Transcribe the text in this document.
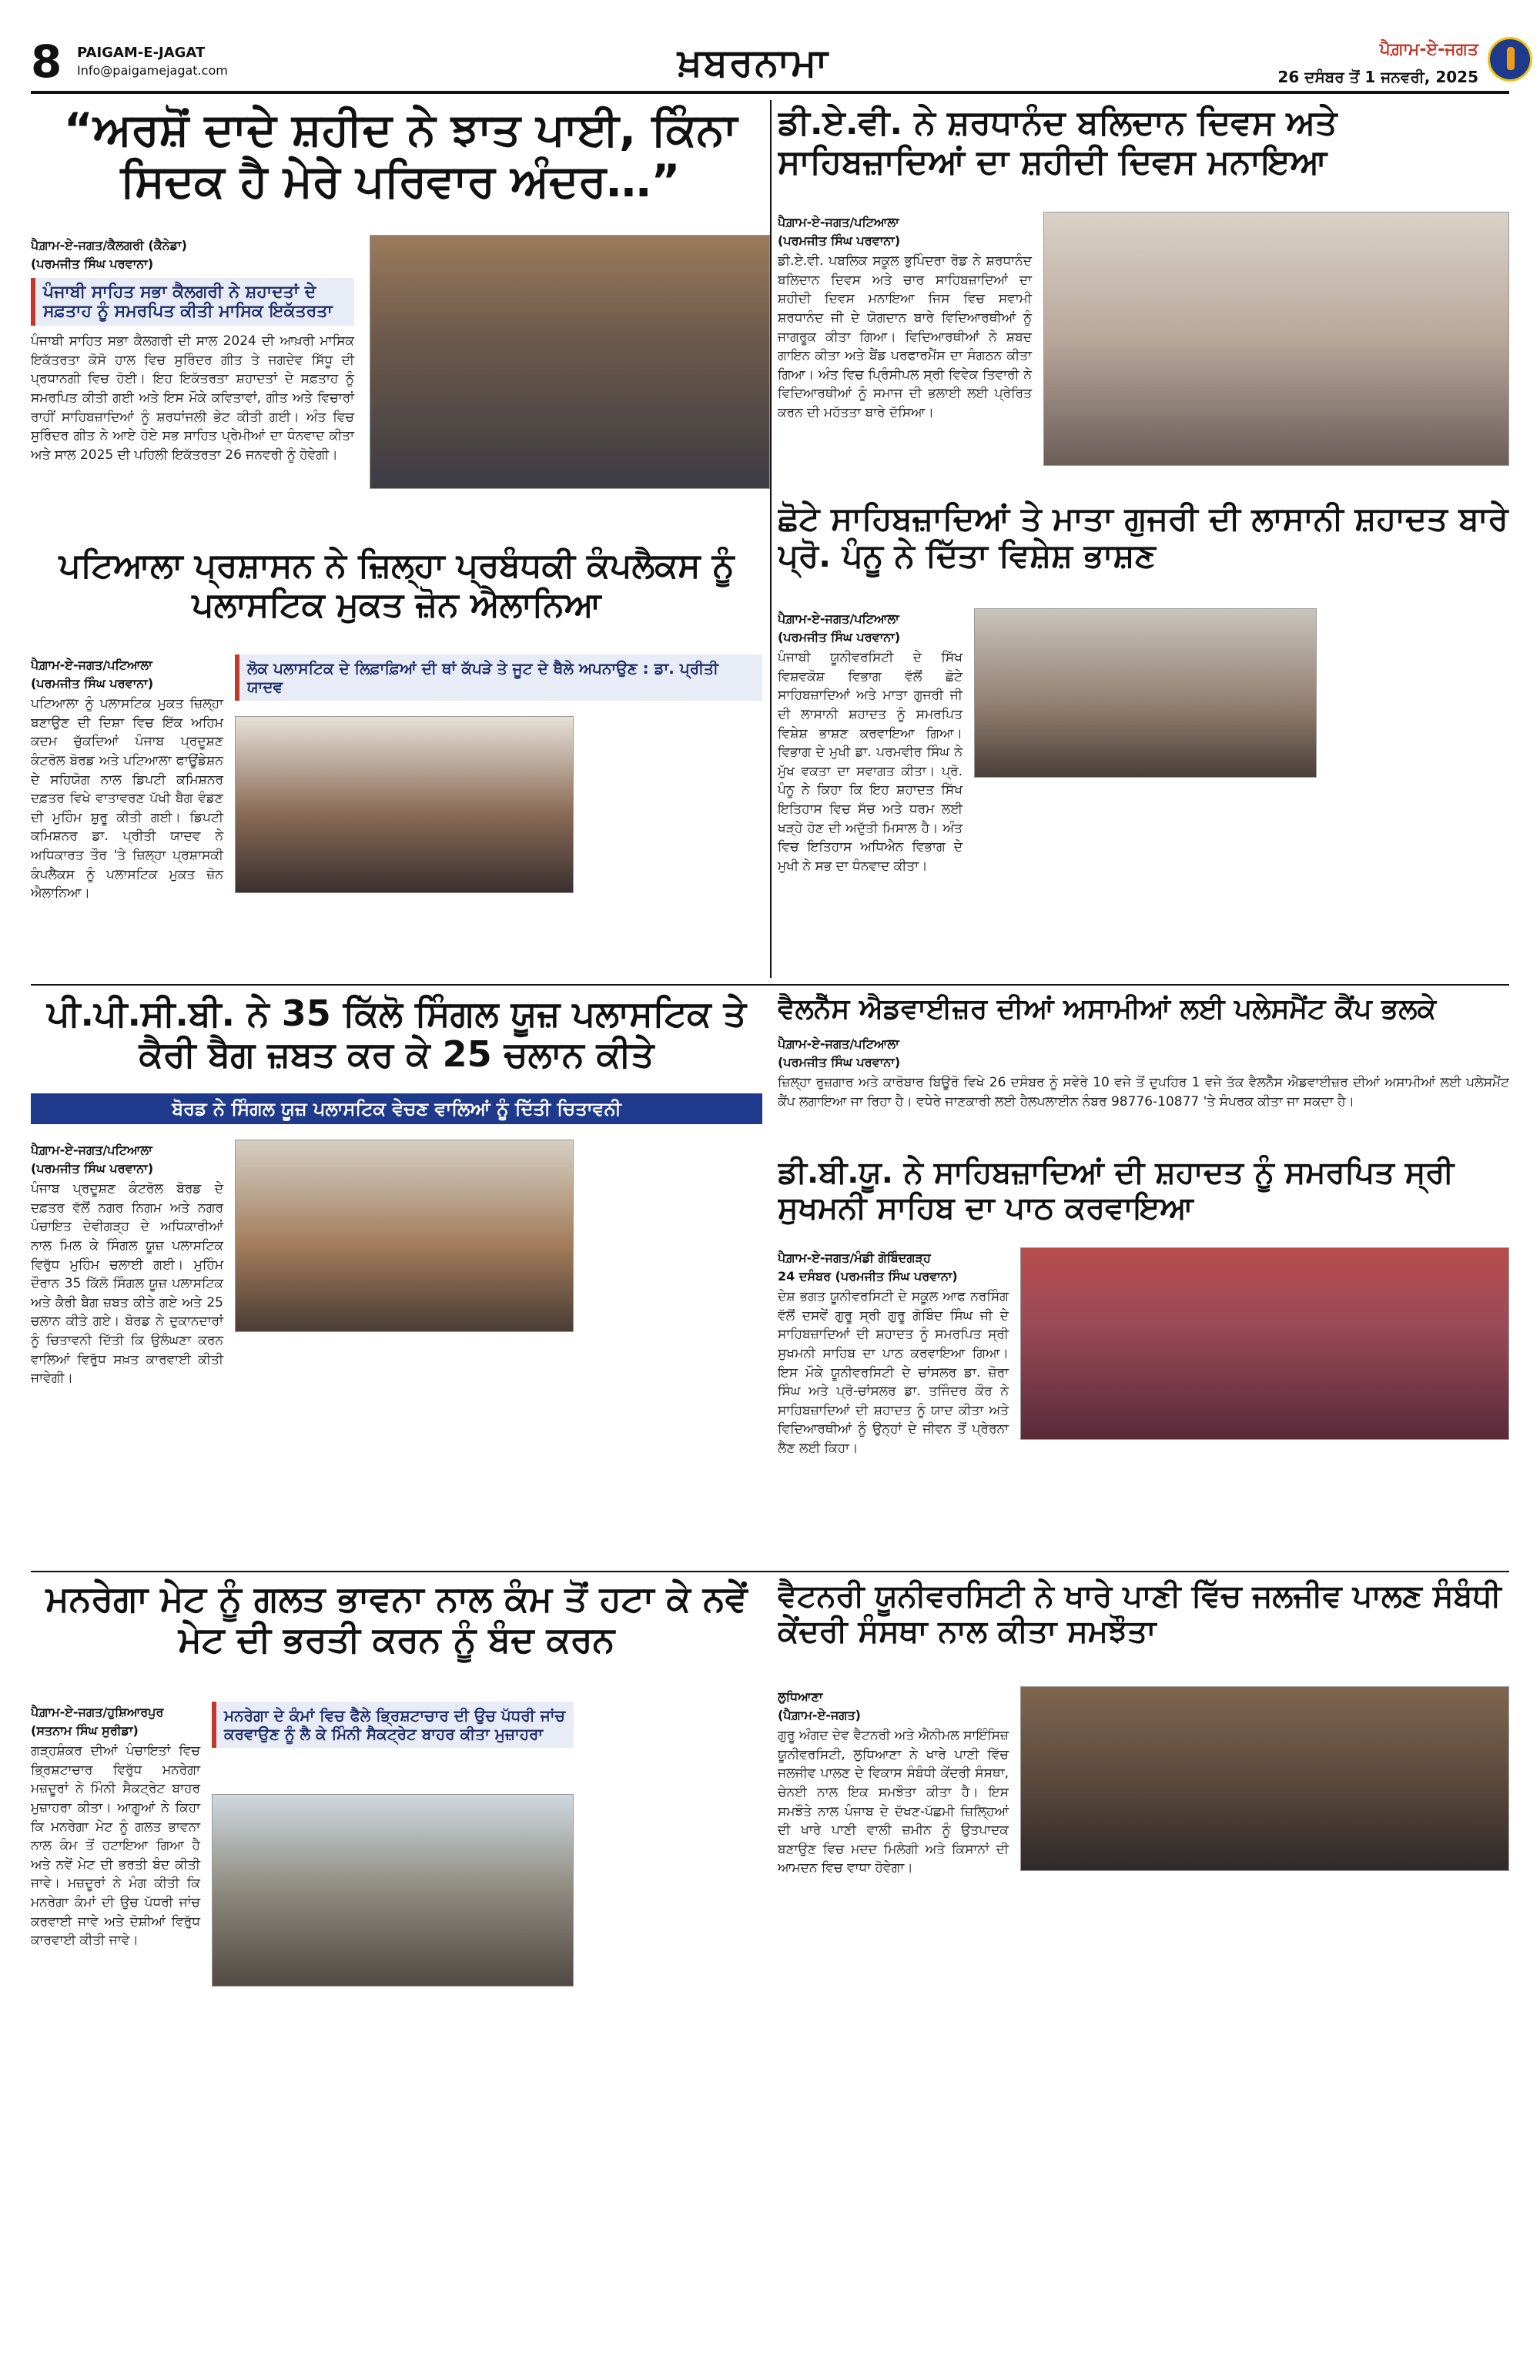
8 PAIGAM-E-JAGAT
Info@paigamejagat.com	ਖ਼ਬਰਨਾਮਾ	ਪੈਗ਼ਾਮ-ਏ-ਜਗਤ
26 ਦਸੰਬਰ ਤੋਂ 1 ਜਨਵਰੀ, 2025
“ਅਰਸ਼ੋਂ ਦਾਦੇ ਸ਼ਹੀਦ ਨੇ ਝਾਤ ਪਾਈ, ਕਿੰਨਾ ਸਿਦਕ ਹੈ ਮੇਰੇ ਪਰਿਵਾਰ ਅੰਦਰ…”
ਪੈਗ਼ਾਮ-ਏ-ਜਗਤ/ਕੈਲਗਰੀ (ਕੈਨੇਡਾ)
(ਪਰਮਜੀਤ ਸਿੰਘ ਪਰਵਾਨਾ)
ਪੰਜਾਬੀ ਸਾਹਿਤ ਸਭਾ ਕੈਲਗਰੀ ਨੇ ਸ਼ਹਾਦਤਾਂ ਦੇ ਸਫ਼ਤਾਹ ਨੂੰ ਸਮਰਪਿਤ ਕੀਤੀ ਮਾਸਿਕ ਇਕੱਤਰਤਾ
ਪੰਜਾਬੀ ਸਾਹਿਤ ਸਭਾ ਕੈਲਗਰੀ ਦੀ ਸਾਲ 2024 ਦੀ ਆਖ਼ਰੀ ਮਾਸਿਕ ਇਕੱਤਰਤਾ ਕੋਸੋ ਹਾਲ ਵਿਚ ਸੁਰਿੰਦਰ ਗੀਤ ਤੇ ਜਗਦੇਵ ਸਿੱਧੂ ਦੀ ਪ੍ਰਧਾਨਗੀ ਵਿਚ ਹੋਈ। ਇਹ ਇਕੱਤਰਤਾ ਸ਼ਹਾਦਤਾਂ ਦੇ ਸਫ਼ਤਾਹ ਨੂੰ ਸਮਰਪਿਤ ਕੀਤੀ ਗਈ ਅਤੇ ਇਸ ਮੌਕੇ ਕਵਿਤਾਵਾਂ, ਗੀਤ ਅਤੇ ਵਿਚਾਰਾਂ ਰਾਹੀਂ ਸਾਹਿਬਜ਼ਾਦਿਆਂ ਨੂੰ ਸ਼ਰਧਾਂਜਲੀ ਭੇਟ ਕੀਤੀ ਗਈ। ਅੰਤ ਵਿਚ ਸੁਰਿੰਦਰ ਗੀਤ ਨੇ ਆਏ ਹੋਏ ਸਭ ਸਾਹਿਤ ਪ੍ਰੇਮੀਆਂ ਦਾ ਧੰਨਵਾਦ ਕੀਤਾ ਅਤੇ ਸਾਲ 2025 ਦੀ ਪਹਿਲੀ ਇਕੱਤਰਤਾ 26 ਜਨਵਰੀ ਨੂੰ ਹੋਵੇਗੀ।
ਡੀ.ਏ.ਵੀ. ਨੇ ਸ਼ਰਧਾਨੰਦ ਬਲਿਦਾਨ ਦਿਵਸ ਅਤੇ ਸਾਹਿਬਜ਼ਾਦਿਆਂ ਦਾ ਸ਼ਹੀਦੀ ਦਿਵਸ ਮਨਾਇਆ
ਪੈਗ਼ਾਮ-ਏ-ਜਗਤ/ਪਟਿਆਲਾ
(ਪਰਮਜੀਤ ਸਿੰਘ ਪਰਵਾਨਾ)
ਡੀ.ਏ.ਵੀ. ਪਬਲਿਕ ਸਕੂਲ ਭੁਪਿੰਦਰਾ ਰੋਡ ਨੇ ਸ਼ਰਧਾਨੰਦ ਬਲਿਦਾਨ ਦਿਵਸ ਅਤੇ ਚਾਰ ਸਾਹਿਬਜ਼ਾਦਿਆਂ ਦਾ ਸ਼ਹੀਦੀ ਦਿਵਸ ਮਨਾਇਆ ਜਿਸ ਵਿਚ ਸਵਾਮੀ ਸ਼ਰਧਾਨੰਦ ਜੀ ਦੇ ਯੋਗਦਾਨ ਬਾਰੇ ਵਿਦਿਆਰਥੀਆਂ ਨੂੰ ਜਾਗਰੂਕ ਕੀਤਾ ਗਿਆ। ਵਿਦਿਆਰਥੀਆਂ ਨੇ ਸ਼ਬਦ ਗਾਇਨ ਕੀਤਾ ਅਤੇ ਬੈਂਡ ਪਰਫਾਰਮੈਂਸ ਦਾ ਸੰਗਠਨ ਕੀਤਾ ਗਿਆ। ਅੰਤ ਵਿਚ ਪ੍ਰਿੰਸੀਪਲ ਸ੍ਰੀ ਵਿਵੇਕ ਤਿਵਾਰੀ ਨੇ ਵਿਦਿਆਰਥੀਆਂ ਨੂੰ ਸਮਾਜ ਦੀ ਭਲਾਈ ਲਈ ਪ੍ਰੇਰਿਤ ਕਰਨ ਦੀ ਮਹੱਤਤਾ ਬਾਰੇ ਦੱਸਿਆ।
ਛੋਟੇ ਸਾਹਿਬਜ਼ਾਦਿਆਂ ਤੇ ਮਾਤਾ ਗੁਜਰੀ ਦੀ ਲਾਸਾਨੀ ਸ਼ਹਾਦਤ ਬਾਰੇ ਪ੍ਰੋ. ਪੰਨੂ ਨੇ ਦਿੱਤਾ ਵਿਸ਼ੇਸ਼ ਭਾਸ਼ਣ
ਪੈਗ਼ਾਮ-ਏ-ਜਗਤ/ਪਟਿਆਲਾ
(ਪਰਮਜੀਤ ਸਿੰਘ ਪਰਵਾਨਾ)
ਪੰਜਾਬੀ ਯੂਨੀਵਰਸਿਟੀ ਦੇ ਸਿੱਖ ਵਿਸ਼ਵਕੋਸ਼ ਵਿਭਾਗ ਵੱਲੋਂ ਛੋਟੇ ਸਾਹਿਬਜ਼ਾਦਿਆਂ ਅਤੇ ਮਾਤਾ ਗੁਜਰੀ ਜੀ ਦੀ ਲਾਸਾਨੀ ਸ਼ਹਾਦਤ ਨੂੰ ਸਮਰਪਿਤ ਵਿਸ਼ੇਸ਼ ਭਾਸ਼ਣ ਕਰਵਾਇਆ ਗਿਆ। ਵਿਭਾਗ ਦੇ ਮੁਖੀ ਡਾ. ਪਰਮਵੀਰ ਸਿੰਘ ਨੇ ਮੁੱਖ ਵਕਤਾ ਦਾ ਸਵਾਗਤ ਕੀਤਾ। ਪ੍ਰੋ. ਪੰਨੂ ਨੇ ਕਿਹਾ ਕਿ ਇਹ ਸ਼ਹਾਦਤ ਸਿੱਖ ਇਤਿਹਾਸ ਵਿਚ ਸੱਚ ਅਤੇ ਧਰਮ ਲਈ ਖੜ੍ਹੇ ਹੋਣ ਦੀ ਅਦੁੱਤੀ ਮਿਸਾਲ ਹੈ। ਅੰਤ ਵਿਚ ਇਤਿਹਾਸ ਅਧਿਐਨ ਵਿਭਾਗ ਦੇ ਮੁਖੀ ਨੇ ਸਭ ਦਾ ਧੰਨਵਾਦ ਕੀਤਾ।
ਪਟਿਆਲਾ ਪ੍ਰਸ਼ਾਸਨ ਨੇ ਜ਼ਿਲ੍ਹਾ ਪ੍ਰਬੰਧਕੀ ਕੰਪਲੈਕਸ ਨੂੰ ਪਲਾਸਟਿਕ ਮੁਕਤ ਜ਼ੋਨ ਐਲਾਨਿਆ
ਪੈਗ਼ਾਮ-ਏ-ਜਗਤ/ਪਟਿਆਲਾ
(ਪਰਮਜੀਤ ਸਿੰਘ ਪਰਵਾਨਾ)
ਪਟਿਆਲਾ ਨੂੰ ਪਲਾਸਟਿਕ ਮੁਕਤ ਜ਼ਿਲ੍ਹਾ ਬਣਾਉਣ ਦੀ ਦਿਸ਼ਾ ਵਿਚ ਇੱਕ ਅਹਿਮ ਕਦਮ ਚੁੱਕਦਿਆਂ ਪੰਜਾਬ ਪ੍ਰਦੂਸ਼ਣ ਕੰਟਰੋਲ ਬੋਰਡ ਅਤੇ ਪਟਿਆਲਾ ਫਾਊਂਡੇਸ਼ਨ ਦੇ ਸਹਿਯੋਗ ਨਾਲ ਡਿਪਟੀ ਕਮਿਸ਼ਨਰ ਦਫ਼ਤਰ ਵਿਖੇ ਵਾਤਾਵਰਣ ਪੱਖੀ ਬੈਗ ਵੰਡਣ ਦੀ ਮੁਹਿੰਮ ਸ਼ੁਰੂ ਕੀਤੀ ਗਈ। ਡਿਪਟੀ ਕਮਿਸ਼ਨਰ ਡਾ. ਪ੍ਰੀਤੀ ਯਾਦਵ ਨੇ ਅਧਿਕਾਰਤ ਤੌਰ 'ਤੇ ਜ਼ਿਲ੍ਹਾ ਪ੍ਰਸ਼ਾਸਕੀ ਕੰਪਲੈਕਸ ਨੂੰ ਪਲਾਸਟਿਕ ਮੁਕਤ ਜ਼ੋਨ ਐਲਾਨਿਆ।
ਲੋਕ ਪਲਾਸਟਿਕ ਦੇ ਲਿਫ਼ਾਫ਼ਿਆਂ ਦੀ ਥਾਂ ਕੱਪੜੇ ਤੇ ਜੂਟ ਦੇ ਥੈਲੇ ਅਪਨਾਉਣ : ਡਾ. ਪ੍ਰੀਤੀ ਯਾਦਵ
ਪੀ.ਪੀ.ਸੀ.ਬੀ. ਨੇ 35 ਕਿੱਲੋ ਸਿੰਗਲ ਯੂਜ਼ ਪਲਾਸਟਿਕ ਤੇ ਕੈਰੀ ਬੈਗ ਜ਼ਬਤ ਕਰ ਕੇ 25 ਚਲਾਨ ਕੀਤੇ
ਬੋਰਡ ਨੇ ਸਿੰਗਲ ਯੂਜ਼ ਪਲਾਸਟਿਕ ਵੇਚਣ ਵਾਲਿਆਂ ਨੂੰ ਦਿੱਤੀ ਚਿਤਾਵਨੀ
ਪੈਗ਼ਾਮ-ਏ-ਜਗਤ/ਪਟਿਆਲਾ
(ਪਰਮਜੀਤ ਸਿੰਘ ਪਰਵਾਨਾ)
ਪੰਜਾਬ ਪ੍ਰਦੂਸ਼ਣ ਕੰਟਰੋਲ ਬੋਰਡ ਦੇ ਦਫ਼ਤਰ ਵੱਲੋਂ ਨਗਰ ਨਿਗਮ ਅਤੇ ਨਗਰ ਪੰਚਾਇਤ ਦੇਵੀਗੜ੍ਹ ਦੇ ਅਧਿਕਾਰੀਆਂ ਨਾਲ ਮਿਲ ਕੇ ਸਿੰਗਲ ਯੂਜ਼ ਪਲਾਸਟਿਕ ਵਿਰੁੱਧ ਮੁਹਿੰਮ ਚਲਾਈ ਗਈ। ਮੁਹਿੰਮ ਦੌਰਾਨ 35 ਕਿੱਲੋ ਸਿੰਗਲ ਯੂਜ਼ ਪਲਾਸਟਿਕ ਅਤੇ ਕੈਰੀ ਬੈਗ ਜ਼ਬਤ ਕੀਤੇ ਗਏ ਅਤੇ 25 ਚਲਾਨ ਕੀਤੇ ਗਏ। ਬੋਰਡ ਨੇ ਦੁਕਾਨਦਾਰਾਂ ਨੂੰ ਚਿਤਾਵਨੀ ਦਿੱਤੀ ਕਿ ਉਲੰਘਣਾ ਕਰਨ ਵਾਲਿਆਂ ਵਿਰੁੱਧ ਸਖ਼ਤ ਕਾਰਵਾਈ ਕੀਤੀ ਜਾਵੇਗੀ।
ਵੈਲਨੈੱਸ ਐਡਵਾਈਜ਼ਰ ਦੀਆਂ ਅਸਾਮੀਆਂ ਲਈ ਪਲੇਸਮੈਂਟ ਕੈਂਪ ਭਲਕੇ
ਪੈਗ਼ਾਮ-ਏ-ਜਗਤ/ਪਟਿਆਲਾ
(ਪਰਮਜੀਤ ਸਿੰਘ ਪਰਵਾਨਾ)
ਜ਼ਿਲ੍ਹਾ ਰੁਜ਼ਗਾਰ ਅਤੇ ਕਾਰੋਬਾਰ ਬਿਊਰੋ ਵਿਖੇ 26 ਦਸੰਬਰ ਨੂੰ ਸਵੇਰੇ 10 ਵਜੇ ਤੋਂ ਦੁਪਹਿਰ 1 ਵਜੇ ਤੱਕ ਵੈਲਨੈੱਸ ਐਡਵਾਈਜ਼ਰ ਦੀਆਂ ਅਸਾਮੀਆਂ ਲਈ ਪਲੇਸਮੈਂਟ ਕੈਂਪ ਲਗਾਇਆ ਜਾ ਰਿਹਾ ਹੈ। ਵਧੇਰੇ ਜਾਣਕਾਰੀ ਲਈ ਹੈਲਪਲਾਈਨ ਨੰਬਰ 98776-10877 'ਤੇ ਸੰਪਰਕ ਕੀਤਾ ਜਾ ਸਕਦਾ ਹੈ।
ਡੀ.ਬੀ.ਯੂ. ਨੇ ਸਾਹਿਬਜ਼ਾਦਿਆਂ ਦੀ ਸ਼ਹਾਦਤ ਨੂੰ ਸਮਰਪਿਤ ਸ੍ਰੀ ਸੁਖਮਨੀ ਸਾਹਿਬ ਦਾ ਪਾਠ ਕਰਵਾਇਆ
ਪੈਗ਼ਾਮ-ਏ-ਜਗਤ/ਮੰਡੀ ਗੋਬਿੰਦਗੜ੍ਹ
24 ਦਸੰਬਰ (ਪਰਮਜੀਤ ਸਿੰਘ ਪਰਵਾਨਾ)
ਦੇਸ਼ ਭਗਤ ਯੂਨੀਵਰਸਿਟੀ ਦੇ ਸਕੂਲ ਆਫ ਨਰਸਿੰਗ ਵੱਲੋਂ ਦਸਵੇਂ ਗੁਰੂ ਸ੍ਰੀ ਗੁਰੂ ਗੋਬਿੰਦ ਸਿੰਘ ਜੀ ਦੇ ਸਾਹਿਬਜ਼ਾਦਿਆਂ ਦੀ ਸ਼ਹਾਦਤ ਨੂੰ ਸਮਰਪਿਤ ਸ੍ਰੀ ਸੁਖਮਨੀ ਸਾਹਿਬ ਦਾ ਪਾਠ ਕਰਵਾਇਆ ਗਿਆ। ਇਸ ਮੌਕੇ ਯੂਨੀਵਰਸਿਟੀ ਦੇ ਚਾਂਸਲਰ ਡਾ. ਜ਼ੋਰਾ ਸਿੰਘ ਅਤੇ ਪ੍ਰੋ-ਚਾਂਸਲਰ ਡਾ. ਤਜਿੰਦਰ ਕੌਰ ਨੇ ਸਾਹਿਬਜ਼ਾਦਿਆਂ ਦੀ ਸ਼ਹਾਦਤ ਨੂੰ ਯਾਦ ਕੀਤਾ ਅਤੇ ਵਿਦਿਆਰਥੀਆਂ ਨੂੰ ਉਨ੍ਹਾਂ ਦੇ ਜੀਵਨ ਤੋਂ ਪ੍ਰੇਰਨਾ ਲੈਣ ਲਈ ਕਿਹਾ।
ਮਨਰੇਗਾ ਮੇਟ ਨੂੰ ਗਲਤ ਭਾਵਨਾ ਨਾਲ ਕੰਮ ਤੋਂ ਹਟਾ ਕੇ ਨਵੇਂ ਮੇਟ ਦੀ ਭਰਤੀ ਕਰਨ ਨੂੰ ਬੰਦ ਕਰਨ
ਪੈਗ਼ਾਮ-ਏ-ਜਗਤ/ਹੁਸ਼ਿਆਰਪੁਰ
(ਸਤਨਾਮ ਸਿੰਘ ਸੁਰੀਡਾ)
ਗੜ੍ਹਸ਼ੰਕਰ ਦੀਆਂ ਪੰਚਾਇਤਾਂ ਵਿਚ ਭ੍ਰਿਸ਼ਟਾਚਾਰ ਵਿਰੁੱਧ ਮਨਰੇਗਾ ਮਜ਼ਦੂਰਾਂ ਨੇ ਮਿੰਨੀ ਸੈਕਟ੍ਰੇਟ ਬਾਹਰ ਮੁਜ਼ਾਹਰਾ ਕੀਤਾ। ਆਗੂਆਂ ਨੇ ਕਿਹਾ ਕਿ ਮਨਰੇਗਾ ਮੇਟ ਨੂੰ ਗਲਤ ਭਾਵਨਾ ਨਾਲ ਕੰਮ ਤੋਂ ਹਟਾਇਆ ਗਿਆ ਹੈ ਅਤੇ ਨਵੇਂ ਮੇਟ ਦੀ ਭਰਤੀ ਬੰਦ ਕੀਤੀ ਜਾਵੇ। ਮਜ਼ਦੂਰਾਂ ਨੇ ਮੰਗ ਕੀਤੀ ਕਿ ਮਨਰੇਗਾ ਕੰਮਾਂ ਦੀ ਉਚ ਪੱਧਰੀ ਜਾਂਚ ਕਰਵਾਈ ਜਾਵੇ ਅਤੇ ਦੋਸ਼ੀਆਂ ਵਿਰੁੱਧ ਕਾਰਵਾਈ ਕੀਤੀ ਜਾਵੇ।
ਮਨਰੇਗਾ ਦੇ ਕੰਮਾਂ ਵਿਚ ਫੈਲੇ ਭ੍ਰਿਸ਼ਟਾਚਾਰ ਦੀ ਉਚ ਪੱਧਰੀ ਜਾਂਚ ਕਰਵਾਉਣ ਨੂੰ ਲੈ ਕੇ ਮਿੰਨੀ ਸੈਕਟ੍ਰੇਟ ਬਾਹਰ ਕੀਤਾ ਮੁਜ਼ਾਹਰਾ
ਵੈਟਨਰੀ ਯੂਨੀਵਰਸਿਟੀ ਨੇ ਖਾਰੇ ਪਾਣੀ ਵਿੱਚ ਜਲਜੀਵ ਪਾਲਣ ਸੰਬੰਧੀ ਕੇਂਦਰੀ ਸੰਸਥਾ ਨਾਲ ਕੀਤਾ ਸਮਝੌਤਾ
ਲੁਧਿਆਣਾ
(ਪੈਗ਼ਾਮ-ਏ-ਜਗਤ)
ਗੁਰੂ ਅੰਗਦ ਦੇਵ ਵੈਟਨਰੀ ਅਤੇ ਐਨੀਮਲ ਸਾਇੰਸਿਜ਼ ਯੂਨੀਵਰਸਿਟੀ, ਲੁਧਿਆਣਾ ਨੇ ਖਾਰੇ ਪਾਣੀ ਵਿੱਚ ਜਲਜੀਵ ਪਾਲਣ ਦੇ ਵਿਕਾਸ ਸੰਬੰਧੀ ਕੇਂਦਰੀ ਸੰਸਥਾ, ਚੇਨਈ ਨਾਲ ਇਕ ਸਮਝੌਤਾ ਕੀਤਾ ਹੈ। ਇਸ ਸਮਝੌਤੇ ਨਾਲ ਪੰਜਾਬ ਦੇ ਦੱਖਣ-ਪੱਛਮੀ ਜ਼ਿਲ੍ਹਿਆਂ ਦੀ ਖਾਰੇ ਪਾਣੀ ਵਾਲੀ ਜ਼ਮੀਨ ਨੂੰ ਉਤਪਾਦਕ ਬਣਾਉਣ ਵਿਚ ਮਦਦ ਮਿਲੇਗੀ ਅਤੇ ਕਿਸਾਨਾਂ ਦੀ ਆਮਦਨ ਵਿਚ ਵਾਧਾ ਹੋਵੇਗਾ।
